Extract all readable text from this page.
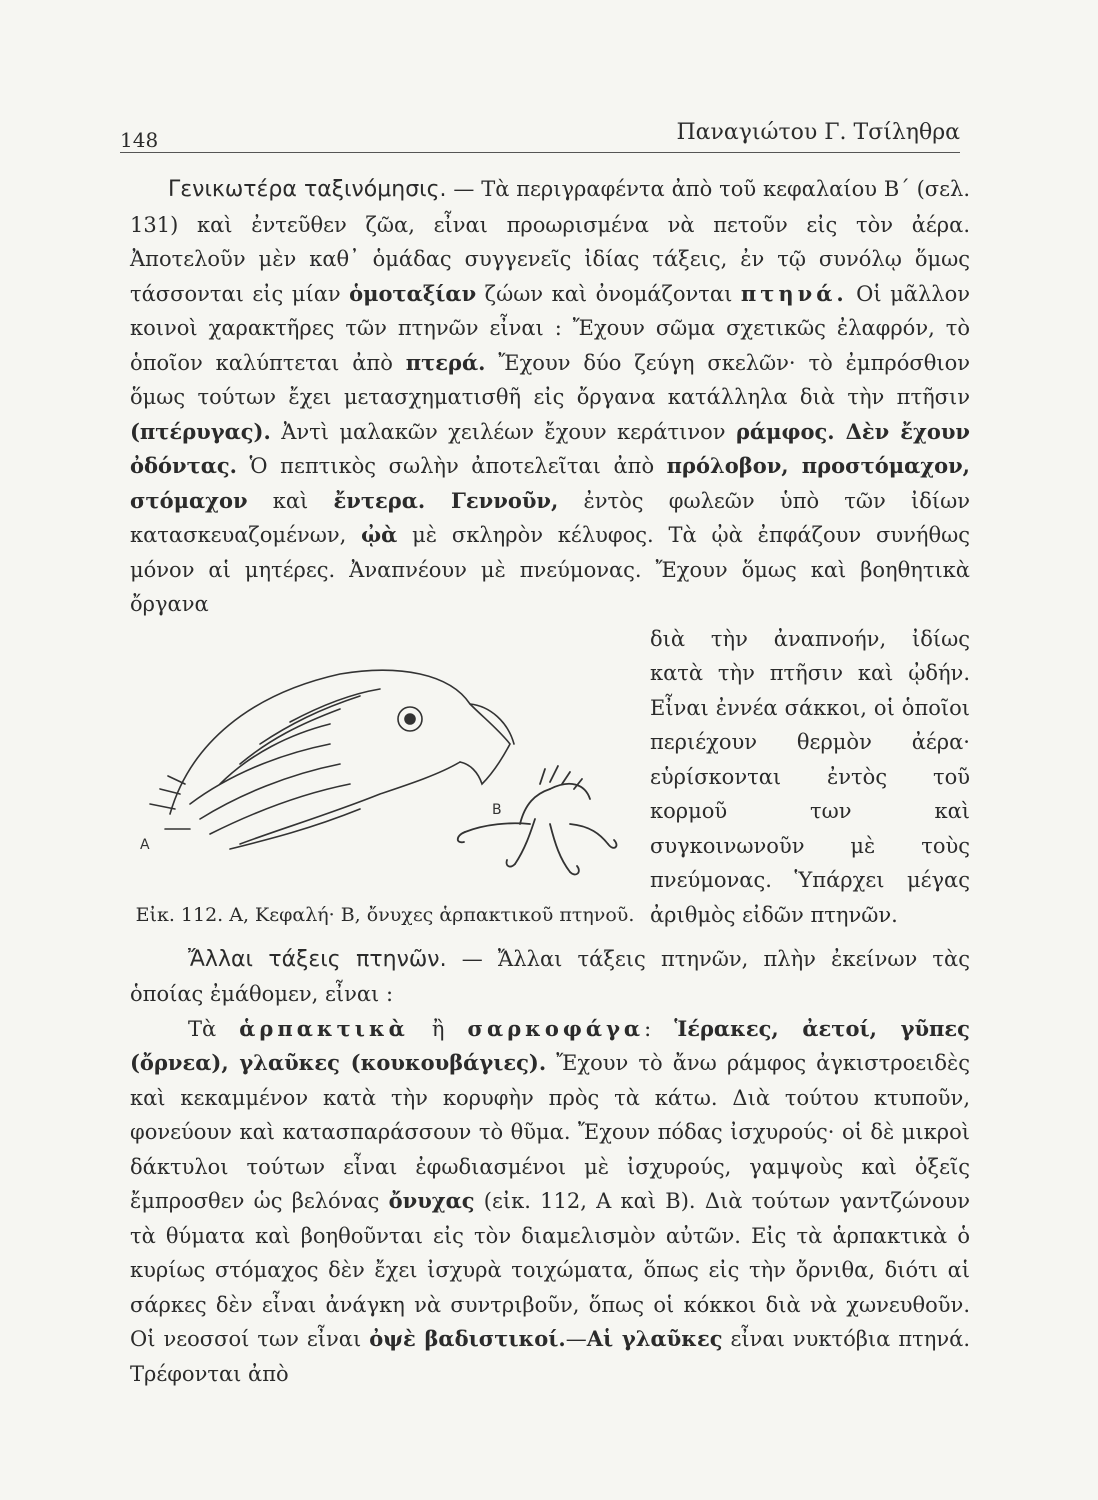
148	Παναγιώτου Γ. Τσίληθρα

Γενικωτέρα ταξινόμησις. — Τὰ περιγραφέντα ἀπὸ τοῦ κεφαλαίου Β΄ (σελ. 131) καὶ ἐντεῦθεν ζῶα, εἶναι προωρισμένα νὰ πετοῦν εἰς τὸν ἀέρα. Ἀποτελοῦν μὲν καθ᾿ ὁμάδας συγγενεῖς ἰδίας τάξεις, ἐν τῷ συνόλῳ ὅμως τάσσονται εἰς μίαν ὁμοταξίαν ζώων καὶ ὀνομάζονται πτηνά. Οἱ μᾶλλον κοινοὶ χαρακτῆρες τῶν πτηνῶν εἶναι : Ἔχουν σῶμα σχετικῶς ἐλαφρόν, τὸ ὁποῖον καλύπτεται ἀπὸ πτερά. Ἔχουν δύο ζεύγη σκελῶν· τὸ ἐμπρόσθιον ὅμως τούτων ἔχει μετασχηματισθῆ εἰς ὄργανα κατάλληλα διὰ τὴν πτῆσιν (πτέρυγας). Ἀντὶ μαλακῶν χειλέων ἔχουν κεράτινον ράμφος. Δὲν ἔχουν ὀδόντας. Ὁ πεπτικὸς σωλὴν ἀποτελεῖται ἀπὸ πρόλοβον, προστόμαχον, στόμαχον καὶ ἔντερα. Γεννοῦν, ἐντὸς φωλεῶν ὑπὸ τῶν ἰδίων κατασκευαζομένων, ᾠὰ μὲ σκληρὸν κέλυφος. Τὰ ᾠὰ ἐπφάζουν συνήθως μόνον αἱ μητέρες. Ἀναπνέουν μὲ πνεύμονας. Ἔχουν ὅμως καὶ βοηθητικὰ ὄργανα

Α
Β
Εἰκ. 112. Α, Κεφαλή· Β, ὄνυχες ἁρπακτικοῦ πτηνοῦ.
διὰ τὴν ἀναπνοήν, ἰδίως κατὰ τὴν πτῆσιν καὶ ᾠδήν. Εἶναι ἐννέα σάκκοι, οἱ ὁποῖοι περιέχουν θερμὸν ἀέρα· εὑρίσκονται ἐντὸς τοῦ κορμοῦ των καὶ συγκοινωνοῦν μὲ τοὺς πνεύμονας. Ὑπάρχει μέγας ἀριθμὸς εἰδῶν πτηνῶν.

Ἄλλαι τάξεις πτηνῶν. — Ἄλλαι τάξεις πτηνῶν, πλὴν ἐκείνων τὰς ὁποίας ἐμάθομεν, εἶναι :

Τὰ ἁρπακτικὰ ἢ σαρκοφάγα: Ἱέρακες, ἀετοί, γῦπες (ὄρνεα), γλαῦκες (κουκουβάγιες). Ἔχουν τὸ ἄνω ράμφος ἀγκιστροειδὲς καὶ κεκαμμένον κατὰ τὴν κορυφὴν πρὸς τὰ κάτω. Διὰ τούτου κτυποῦν, φονεύουν καὶ κατασπαράσσουν τὸ θῦμα. Ἔχουν πόδας ἰσχυρούς· οἱ δὲ μικροὶ δάκτυλοι τούτων εἶναι ἐφωδιασμένοι μὲ ἰσχυρούς, γαμψοὺς καὶ ὀξεῖς ἔμπροσθεν ὡς βελόνας ὄνυχας (εἰκ. 112, Α καὶ Β). Διὰ τούτων γαντζώνουν τὰ θύματα καὶ βοηθοῦνται εἰς τὸν διαμελισμὸν αὐτῶν. Εἰς τὰ ἁρπακτικὰ ὁ κυρίως στόμαχος δὲν ἔχει ἰσχυρὰ τοιχώματα, ὅπως εἰς τὴν ὄρνιθα, διότι αἱ σάρκες δὲν εἶναι ἀνάγκη νὰ συντριβοῦν, ὅπως οἱ κόκκοι διὰ νὰ χωνευθοῦν. Οἱ νεοσσοί των εἶναι ὀψὲ βαδιστικοί.—Αἱ γλαῦκες εἶναι νυκτόβια πτηνά. Τρέφονται ἀπὸ
